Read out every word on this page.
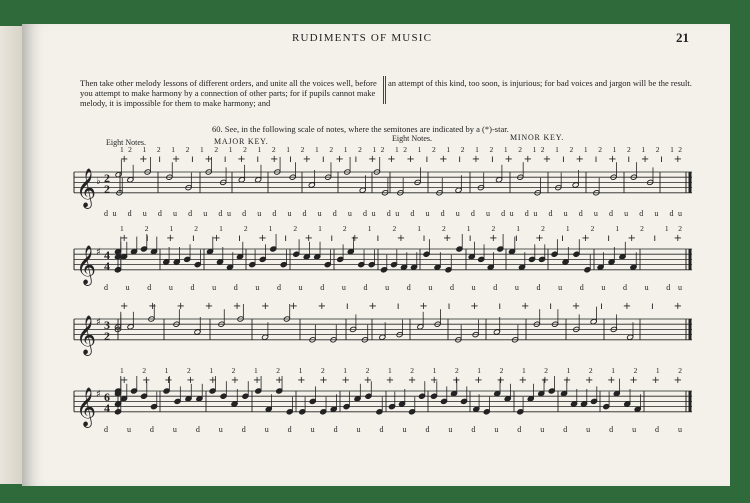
RUDIMENTS OF MUSIC	21
Then take other melody lessons of different orders, and unite all the voices well, before you attempt to make harmony by a connection of other parts; for if pupils cannot make melody, it is impossible for them to make harmony; and
an attempt of this kind, too soon, is injurious; for bad voices and jargon will be the result.
60. See, in the following scale of notes, where the semitones are indicated by a (*)-star.
Eight Notes.	MAJOR KEY.	Eight Notes.	MINOR KEY.
𝄞 ♭ 2
2
+ + ı + ı + ı + ı + ı + ı + ı + + + ı + ı + ı + + + ı + ı + ı + ı +
12 1 2 1 2 1 2 1 2 1 2 1 2 1 2 1 2 12 12 1 2 1 2 1 2 1 2 12 1 2 1 2 1 2 1 2 12
du d u d u d u du d u d u d u d u du du d u d u d u du du d u d u d u d u du
𝄞 ♯ 4
4
+ ı + ı + ı + ı + ı + ı + ı + ı + ı + ı + ı + ı +
1 2 1 2 1 2 1 2 1 2 1 2 1 2 1 2 1 2 1 2 1 2 12
d u d u d u d u d u d u d u d u d u d u d u d u d u du
𝄞 ♯ 3
2
+ + + + + + + + ı + ı + ı + ı + ı + ı + ı +
𝄞 ♯ 6
4
+ + + + + + + + + + + + + + + + + + + + + + + + + +
1 2 1 2 1 2 1 2 1 2 1 2 1 2 1 2 1 2 1 2 1 2 1 2 1 2
d u d u d u d u d u d u d u d u d u d u d u d u d u
